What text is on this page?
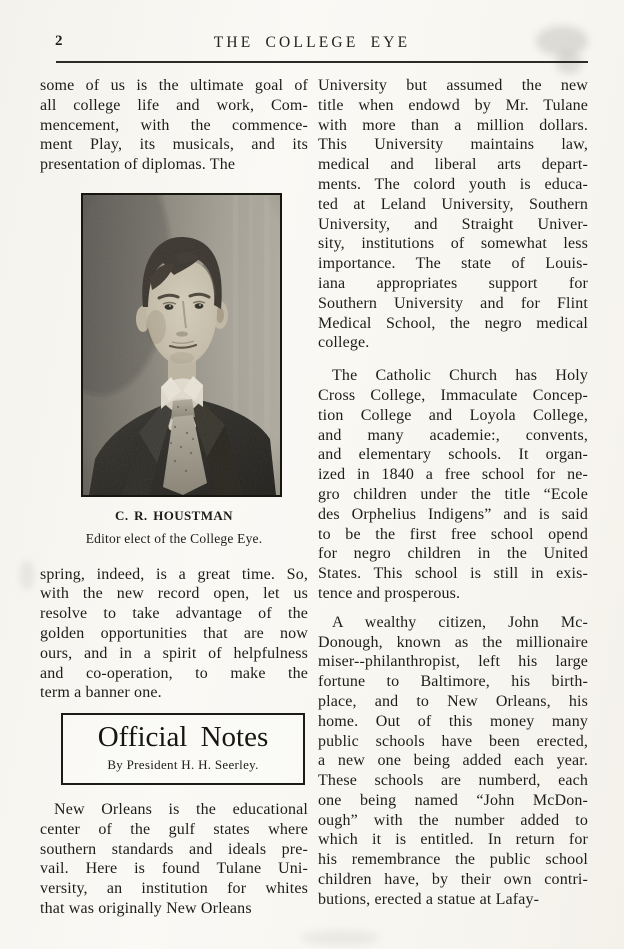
2	THE COLLEGE EYE
some of us is the ultimate goal of
all college life and work, Com-
mencement, with the commence-
ment Play, its musicals, and its
presentation of diplomas. The
C. R. HOUSTMAN
Editor elect of the College Eye.
spring, indeed, is a great time. So,
with the new record open, let us
resolve to take advantage of the
golden opportunities that are now
ours, and in a spirit of helpfulness
and co-operation, to make the
term a banner one.
Official Notes
By President H. H. Seerley.
New Orleans is the educational
center of the gulf states where
southern standards and ideals pre-
vail. Here is found Tulane Uni-
versity, an institution for whites
that was originally New Orleans
University but assumed the new
title when endowd by Mr. Tulane
with more than a million dollars.
This University maintains law,
medical and liberal arts depart-
ments. The colord youth is educa-
ted at Leland University, Southern
University, and Straight Univer-
sity, institutions of somewhat less
importance. The state of Louis-
iana appropriates support for
Southern University and for Flint
Medical School, the negro medical
college.
The Catholic Church has Holy
Cross College, Immaculate Concep-
tion College and Loyola College,
and many academie:, convents,
and elementary schools. It organ-
ized in 1840 a free school for ne-
gro children under the title “Ecole
des Orphelius Indigens” and is said
to be the first free school opend
for negro children in the United
States. This school is still in exis-
tence and prosperous.
A wealthy citizen, John Mc-
Donough, known as the millionaire
miser--philanthropist, left his large
fortune to Baltimore, his birth-
place, and to New Orleans, his
home. Out of this money many
public schools have been erected,
a new one being added each year.
These schools are numberd, each
one being named “John McDon-
ough” with the number added to
which it is entitled. In return for
his remembrance the public school
children have, by their own contri-
butions, erected a statue at Lafay-
